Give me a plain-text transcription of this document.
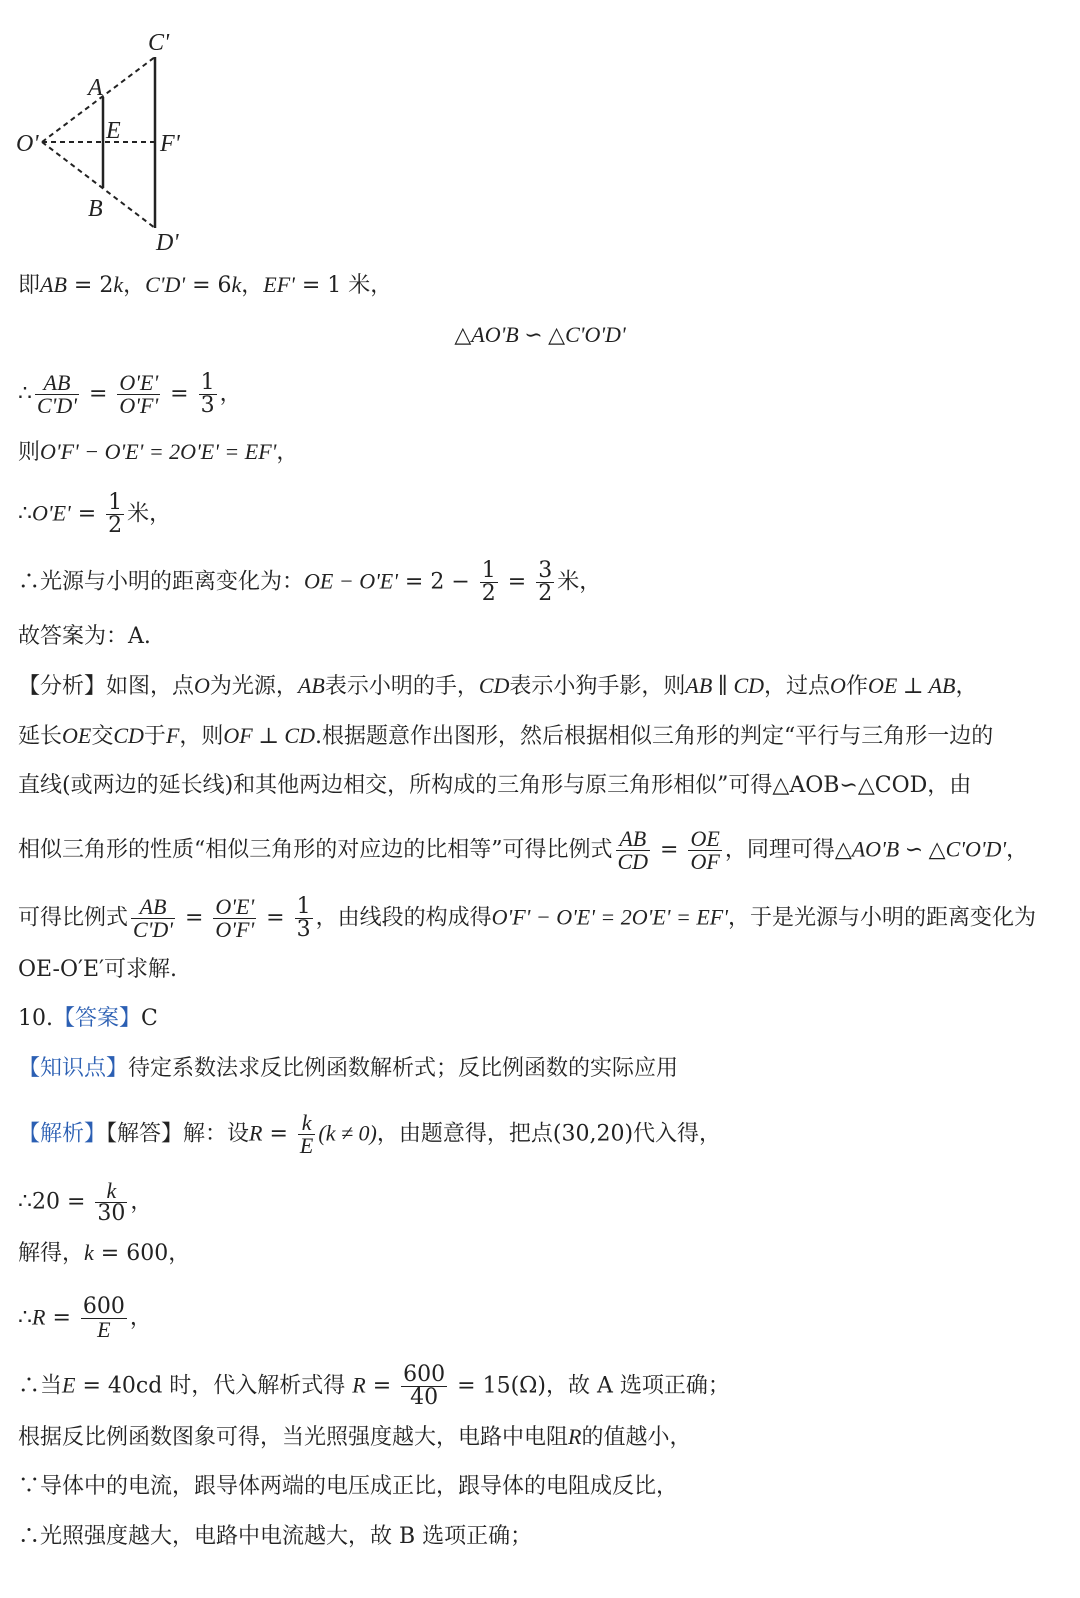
C'
A
E
O'	F'
B
D'
即AB = 2k，C'D' = 6k，EF' = 1 米，
△AO'B ∽ △C'O'D'
∴ $\frac{AB}{C'D'} = \frac{O'E'}{O'F'} = \frac{1}{3}$ ，
则O'F' − O'E' = 2O'E' = EF'，
∴O'E' = $\frac{1}{2}$ 米，
∴光源与小明的距离变化为：OE − $O'E' = 2 - \frac{1}{2} = \frac{3}{2}$ 米，
故答案为：A.
【分析】如图，点O为光源，AB表示小明的手，CD表示小狗手影，则AB ∥ CD，过点O作OE ⊥ AB，
延长OE交CD于F，则OF ⊥ CD.根据题意作出图形，然后根据相似三角形的判定“平行与三角形一边的
直线(或两边的延长线)和其他两边相交，所构成的三角形与原三角形相似”可得△AOB∽△COD，由
相似三角形的性质“相似三角形的对应边的比相等”可得比例式 $\frac{AB}{CD} = \frac{OE}{OF}$ ，同理可得△AO'B ∽ △C'O'D'，
可得比例式 $\frac{AB}{C'D'} = \frac{O'E'}{O'F'} = \frac{1}{3}$ ，由线段的构成得O'F' − O'E' = 2O'E' = EF'，于是光源与小明的距离变化为
OE-O′E′可求解.
10.【答案】C
【知识点】待定系数法求反比例函数解析式；反比例函数的实际应用
【解析】【解答】解：设$R = \frac{k}{E} (k \ne 0)$，由题意得，把点(30,20)代入得，
∴20 = $\frac{k}{30}$ ，
解得，k = 600，
∴R = $\frac{600}{E}$ ，
∴当E = 40cd 时，代入解析式得 $R = \frac{600}{40} = 15(\Omega)$，故 A 选项正确；
根据反比例函数图象可得，当光照强度越大，电路中电阻R的值越小，
∵导体中的电流，跟导体两端的电压成正比，跟导体的电阻成反比，
∴光照强度越大，电路中电流越大，故 B 选项正确；
